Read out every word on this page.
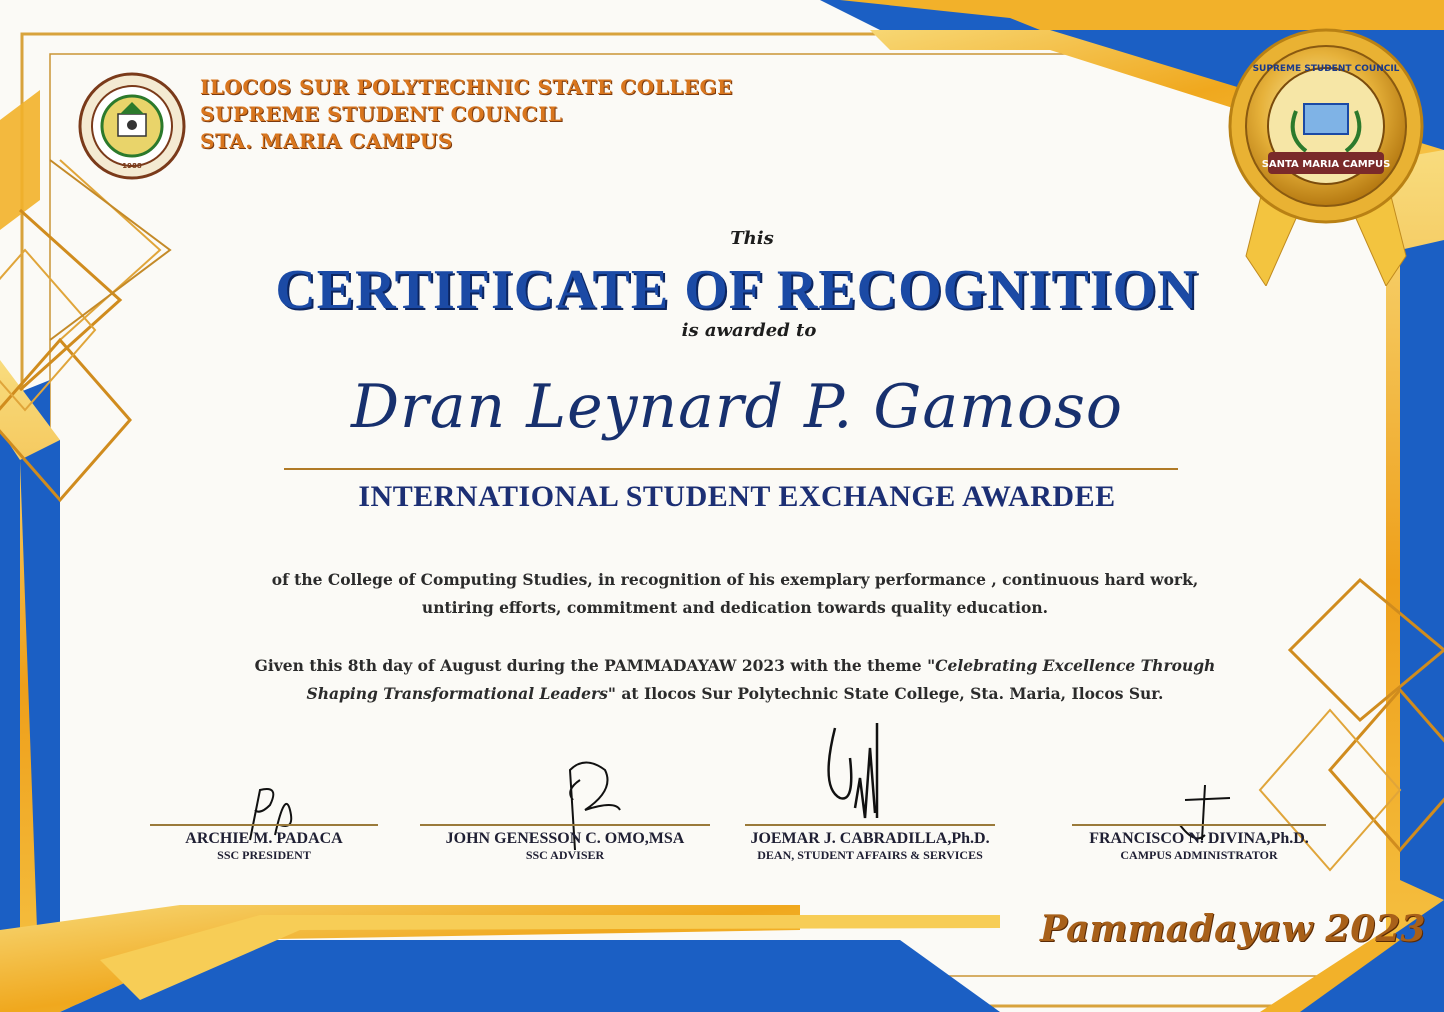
1988	SANTA MARIA CAMPUS
SUPREME STUDENT COUNCIL
ILOCOS SUR POLYTECHNIC STATE COLLEGE
SUPREME STUDENT COUNCIL
STA. MARIA CAMPUS
This
CERTIFICATE OF RECOGNITION
is awarded to
Dran Leynard P. Gamoso
INTERNATIONAL STUDENT EXCHANGE AWARDEE
of the College of Computing Studies, in recognition of his exemplary performance , continuous hard work,
untiring efforts, commitment and dedication towards quality education.
Given this 8th day of August during the PAMMADAYAW 2023 with the theme "Celebrating Excellence Through
Shaping Transformational Leaders" at Ilocos Sur Polytechnic State College, Sta. Maria, Ilocos Sur.
ARCHIE M. PADACA
SSC PRESIDENT
JOHN GENESSON C. OMO,MSA
SSC ADVISER
JOEMAR J. CABRADILLA,Ph.D.
DEAN, STUDENT AFFAIRS & SERVICES
FRANCISCO N. DIVINA,Ph.D.
CAMPUS ADMINISTRATOR
Pammadayaw 2023
